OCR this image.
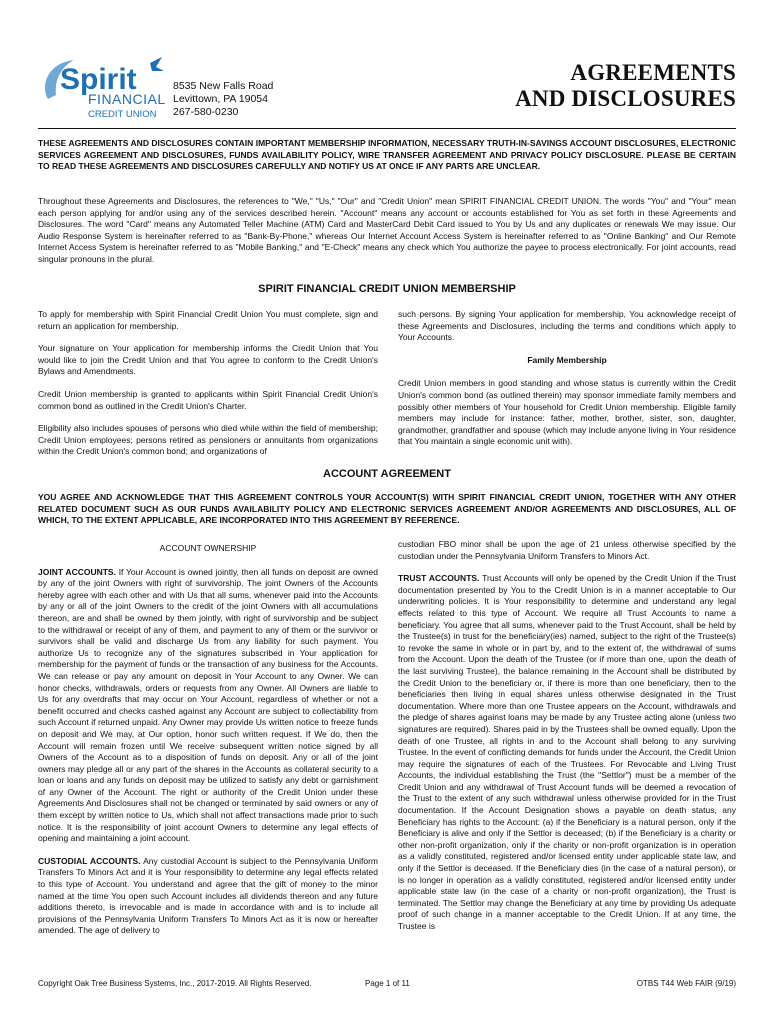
Spirit
FINANCIAL
CREDIT UNION
8535 New Falls Road
Levittown, PA 19054
267-580-0230
AGREEMENTS
AND DISCLOSURES

THESE AGREEMENTS AND DISCLOSURES CONTAIN IMPORTANT MEMBERSHIP INFORMATION, NECESSARY TRUTH-IN-SAVINGS ACCOUNT DISCLOSURES, ELECTRONIC SERVICES AGREEMENT AND DISCLOSURES, FUNDS AVAILABILITY POLICY, WIRE TRANSFER AGREEMENT AND PRIVACY POLICY DISCLOSURE. PLEASE BE CERTAIN TO READ THESE AGREEMENTS AND DISCLOSURES CAREFULLY AND NOTIFY US AT ONCE IF ANY PARTS ARE UNCLEAR.

Throughout these Agreements and Disclosures, the references to "We," "Us," "Our" and "Credit Union" mean SPIRIT FINANCIAL CREDIT UNION. The words "You" and "Your" mean each person applying for and/or using any of the services described herein. "Account" means any account or accounts established for You as set forth in these Agreements and Disclosures. The word "Card" means any Automated Teller Machine (ATM) Card and MasterCard Debit Card issued to You by Us and any duplicates or renewals We may issue. Our Audio Response System is hereinafter referred to as "Bank-By-Phone," whereas Our Internet Account Access System is hereinafter referred to as "Online Banking" and Our Remote Internet Access System is hereinafter referred to as "Mobile Banking," and "E-Check" means any check which You authorize the payee to process electronically. For joint accounts, read singular pronouns in the plural.

SPIRIT FINANCIAL CREDIT UNION MEMBERSHIP

To apply for membership with Spirit Financial Credit Union You must complete, sign and return an application for membership.

Your signature on Your application for membership informs the Credit Union that You would like to join the Credit Union and that You agree to conform to the Credit Union's Bylaws and Amendments.

Credit Union membership is granted to applicants within Spirit Financial Credit Union's common bond as outlined in the Credit Union's Charter.

Eligibility also includes spouses of persons who died while within the field of membership; Credit Union employees; persons retired as pensioners or annuitants from organizations within the Credit Union's common bond; and organizations of

such persons. By signing Your application for membership, You acknowledge receipt of these Agreements and Disclosures, including the terms and conditions which apply to Your Accounts.

Family Membership

Credit Union members in good standing and whose status is currently within the Credit Union's common bond (as outlined therein) may sponsor immediate family members and possibly other members of Your household for Credit Union membership. Eligible family members may include for instance: father, mother, brother, sister, son, daughter, grandmother, grandfather and spouse (which may include anyone living in Your residence that You maintain a single economic unit with).

ACCOUNT AGREEMENT

YOU AGREE AND ACKNOWLEDGE THAT THIS AGREEMENT CONTROLS YOUR ACCOUNT(S) WITH SPIRIT FINANCIAL CREDIT UNION, TOGETHER WITH ANY OTHER RELATED DOCUMENT SUCH AS OUR FUNDS AVAILABILITY POLICY AND ELECTRONIC SERVICES AGREEMENT AND/OR AGREEMENTS AND DISCLOSURES, ALL OF WHICH, TO THE EXTENT APPLICABLE, ARE INCORPORATED INTO THIS AGREEMENT BY REFERENCE.

ACCOUNT OWNERSHIP

JOINT ACCOUNTS. If Your Account is owned jointly, then all funds on deposit are owned by any of the joint Owners with right of survivorship. The joint Owners of the Accounts hereby agree with each other and with Us that all sums, whenever paid into the Accounts by any or all of the joint Owners to the credit of the joint Owners with all accumulations thereon, are and shall be owned by them jointly, with right of survivorship and be subject to the withdrawal or receipt of any of them, and payment to any of them or the survivor or survivors shall be valid and discharge Us from any liability for such payment. You authorize Us to recognize any of the signatures subscribed in Your application for membership for the payment of funds or the transaction of any business for the Accounts. We can release or pay any amount on deposit in Your Account to any Owner. We can honor checks, withdrawals, orders or requests from any Owner. All Owners are liable to Us for any overdrafts that may occur on Your Account, regardless of whether or not a benefit occurred and checks cashed against any Account are subject to collectability from such Account if returned unpaid. Any Owner may provide Us written notice to freeze funds on deposit and We may, at Our option, honor such written request. If We do, then the Account will remain frozen until We receive subsequent written notice signed by all Owners of the Account as to a disposition of funds on deposit. Any or all of the joint owners may pledge all or any part of the shares in the Accounts as collateral security to a loan or loans and any funds on deposit may be utilized to satisfy any debt or garnishment of any Owner of the Account. The right or authority of the Credit Union under these Agreements And Disclosures shall not be changed or terminated by said owners or any of them except by written notice to Us, which shall not affect transactions made prior to such notice. It is the responsibility of joint account Owners to determine any legal effects of opening and maintaining a joint account.

CUSTODIAL ACCOUNTS. Any custodial Account is subject to the Pennsylvania Uniform Transfers To Minors Act and it is Your responsibility to determine any legal effects related to this type of Account. You understand and agree that the gift of money to the minor named at the time You open such Account includes all dividends thereon and any future additions thereto, is irrevocable and is made in accordance with and is to include all provisions of the Pennsylvania Uniform Transfers To Minors Act as it is now or hereafter amended. The age of delivery to

custodian FBO minor shall be upon the age of 21 unless otherwise specified by the custodian under the Pennsylvania Uniform Transfers to Minors Act.

TRUST ACCOUNTS. Trust Accounts will only be opened by the Credit Union if the Trust documentation presented by You to the Credit Union is in a manner acceptable to Our underwriting policies. It is Your responsibility to determine and understand any legal effects related to this type of Account. We require all Trust Accounts to name a beneficiary. You agree that all sums, whenever paid to the Trust Account, shall be held by the Trustee(s) in trust for the beneficiary(ies) named, subject to the right of the Trustee(s) to revoke the same in whole or in part by, and to the extent of, the withdrawal of sums from the Account. Upon the death of the Trustee (or if more than one, upon the death of the last surviving Trustee), the balance remaining in the Account shall be distributed by the Credit Union to the beneficiary or, if there is more than one beneficiary, then to the beneficiaries then living in equal shares unless otherwise designated in the Trust documentation. Where more than one Trustee appears on the Account, withdrawals and the pledge of shares against loans may be made by any Trustee acting alone (unless two signatures are required). Shares paid in by the Trustees shall be owned equally. Upon the death of one Trustee, all rights in and to the Account shall belong to any surviving Trustee. In the event of conflicting demands for funds under the Account, the Credit Union may require the signatures of each of the Trustees. For Revocable and Living Trust Accounts, the individual establishing the Trust (the "Settlor") must be a member of the Credit Union and any withdrawal of Trust Account funds will be deemed a revocation of the Trust to the extent of any such withdrawal unless otherwise provided for in the Trust documentation. If the Account Designation shows a payable on death status, any Beneficiary has rights to the Account: (a) if the Beneficiary is a natural person, only if the Beneficiary is alive and only if the Settlor is deceased; (b) if the Beneficiary is a charity or other non-profit organization, only if the charity or non-profit organization is in operation as a validly constituted, registered and/or licensed entity under applicable state law, and only if the Settlor is deceased. If the Beneficiary dies (in the case of a natural person), or is no longer in operation as a validly constituted, registered and/or licensed entity under applicable state law (in the case of a charity or non-profit organization), the Trust is terminated. The Settlor may change the Beneficiary at any time by providing Us adequate proof of such change in a manner acceptable to the Credit Union. If at any time, the Trustee is

Copyright Oak Tree Business Systems, Inc., 2017-2019. All Rights Reserved.	Page 1 of 11	OTBS T44 Web FAIR (9/19)
